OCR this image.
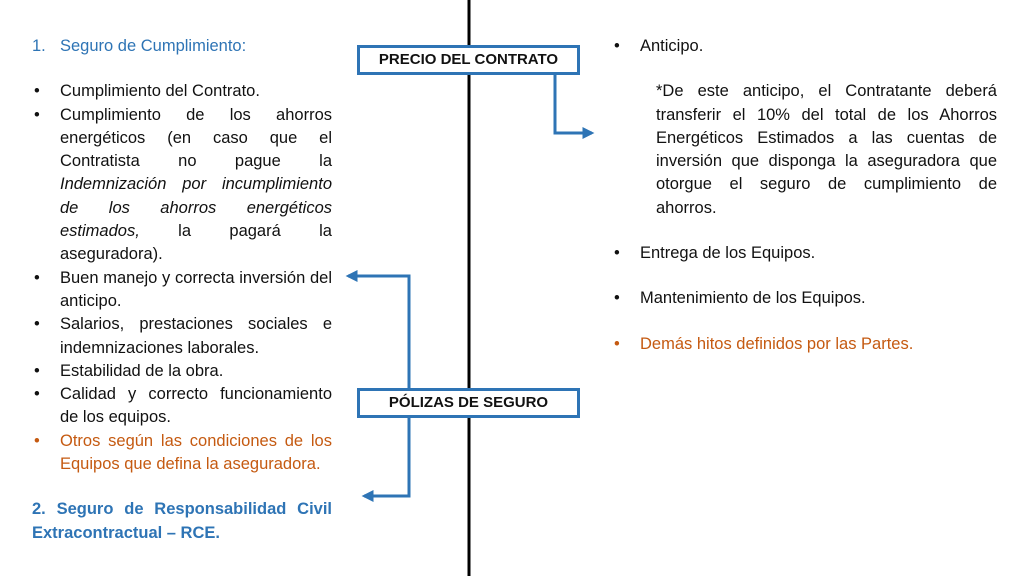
PRECIO DEL CONTRATO
PÓLIZAS DE SEGURO
1. Seguro de Cumplimiento:
•	Cumplimiento del Contrato.
•	Cumplimiento de los ahorros energéticos (en caso que el Contratista no pague la Indemnización por incumplimiento de los ahorros energéticos estimados, la pagará la aseguradora).
•	Buen manejo y correcta inversión del anticipo.
•	Salarios, prestaciones sociales e indemnizaciones laborales.
•	Estabilidad de la obra.
•	Calidad y correcto funcionamiento de los equipos.
•	Otros según las condiciones de los Equipos que defina la aseguradora.
2. Seguro de Responsabilidad Civil Extracontractual – RCE.
•	Anticipo.
*De este anticipo, el Contratante deberá transferir el 10% del total de los Ahorros Energéticos Estimados a las cuentas de inversión que disponga la aseguradora que otorgue el seguro de cumplimiento de ahorros.
•	Entrega de los Equipos.
•	Mantenimiento de los Equipos.
•	Demás hitos definidos por las Partes.
